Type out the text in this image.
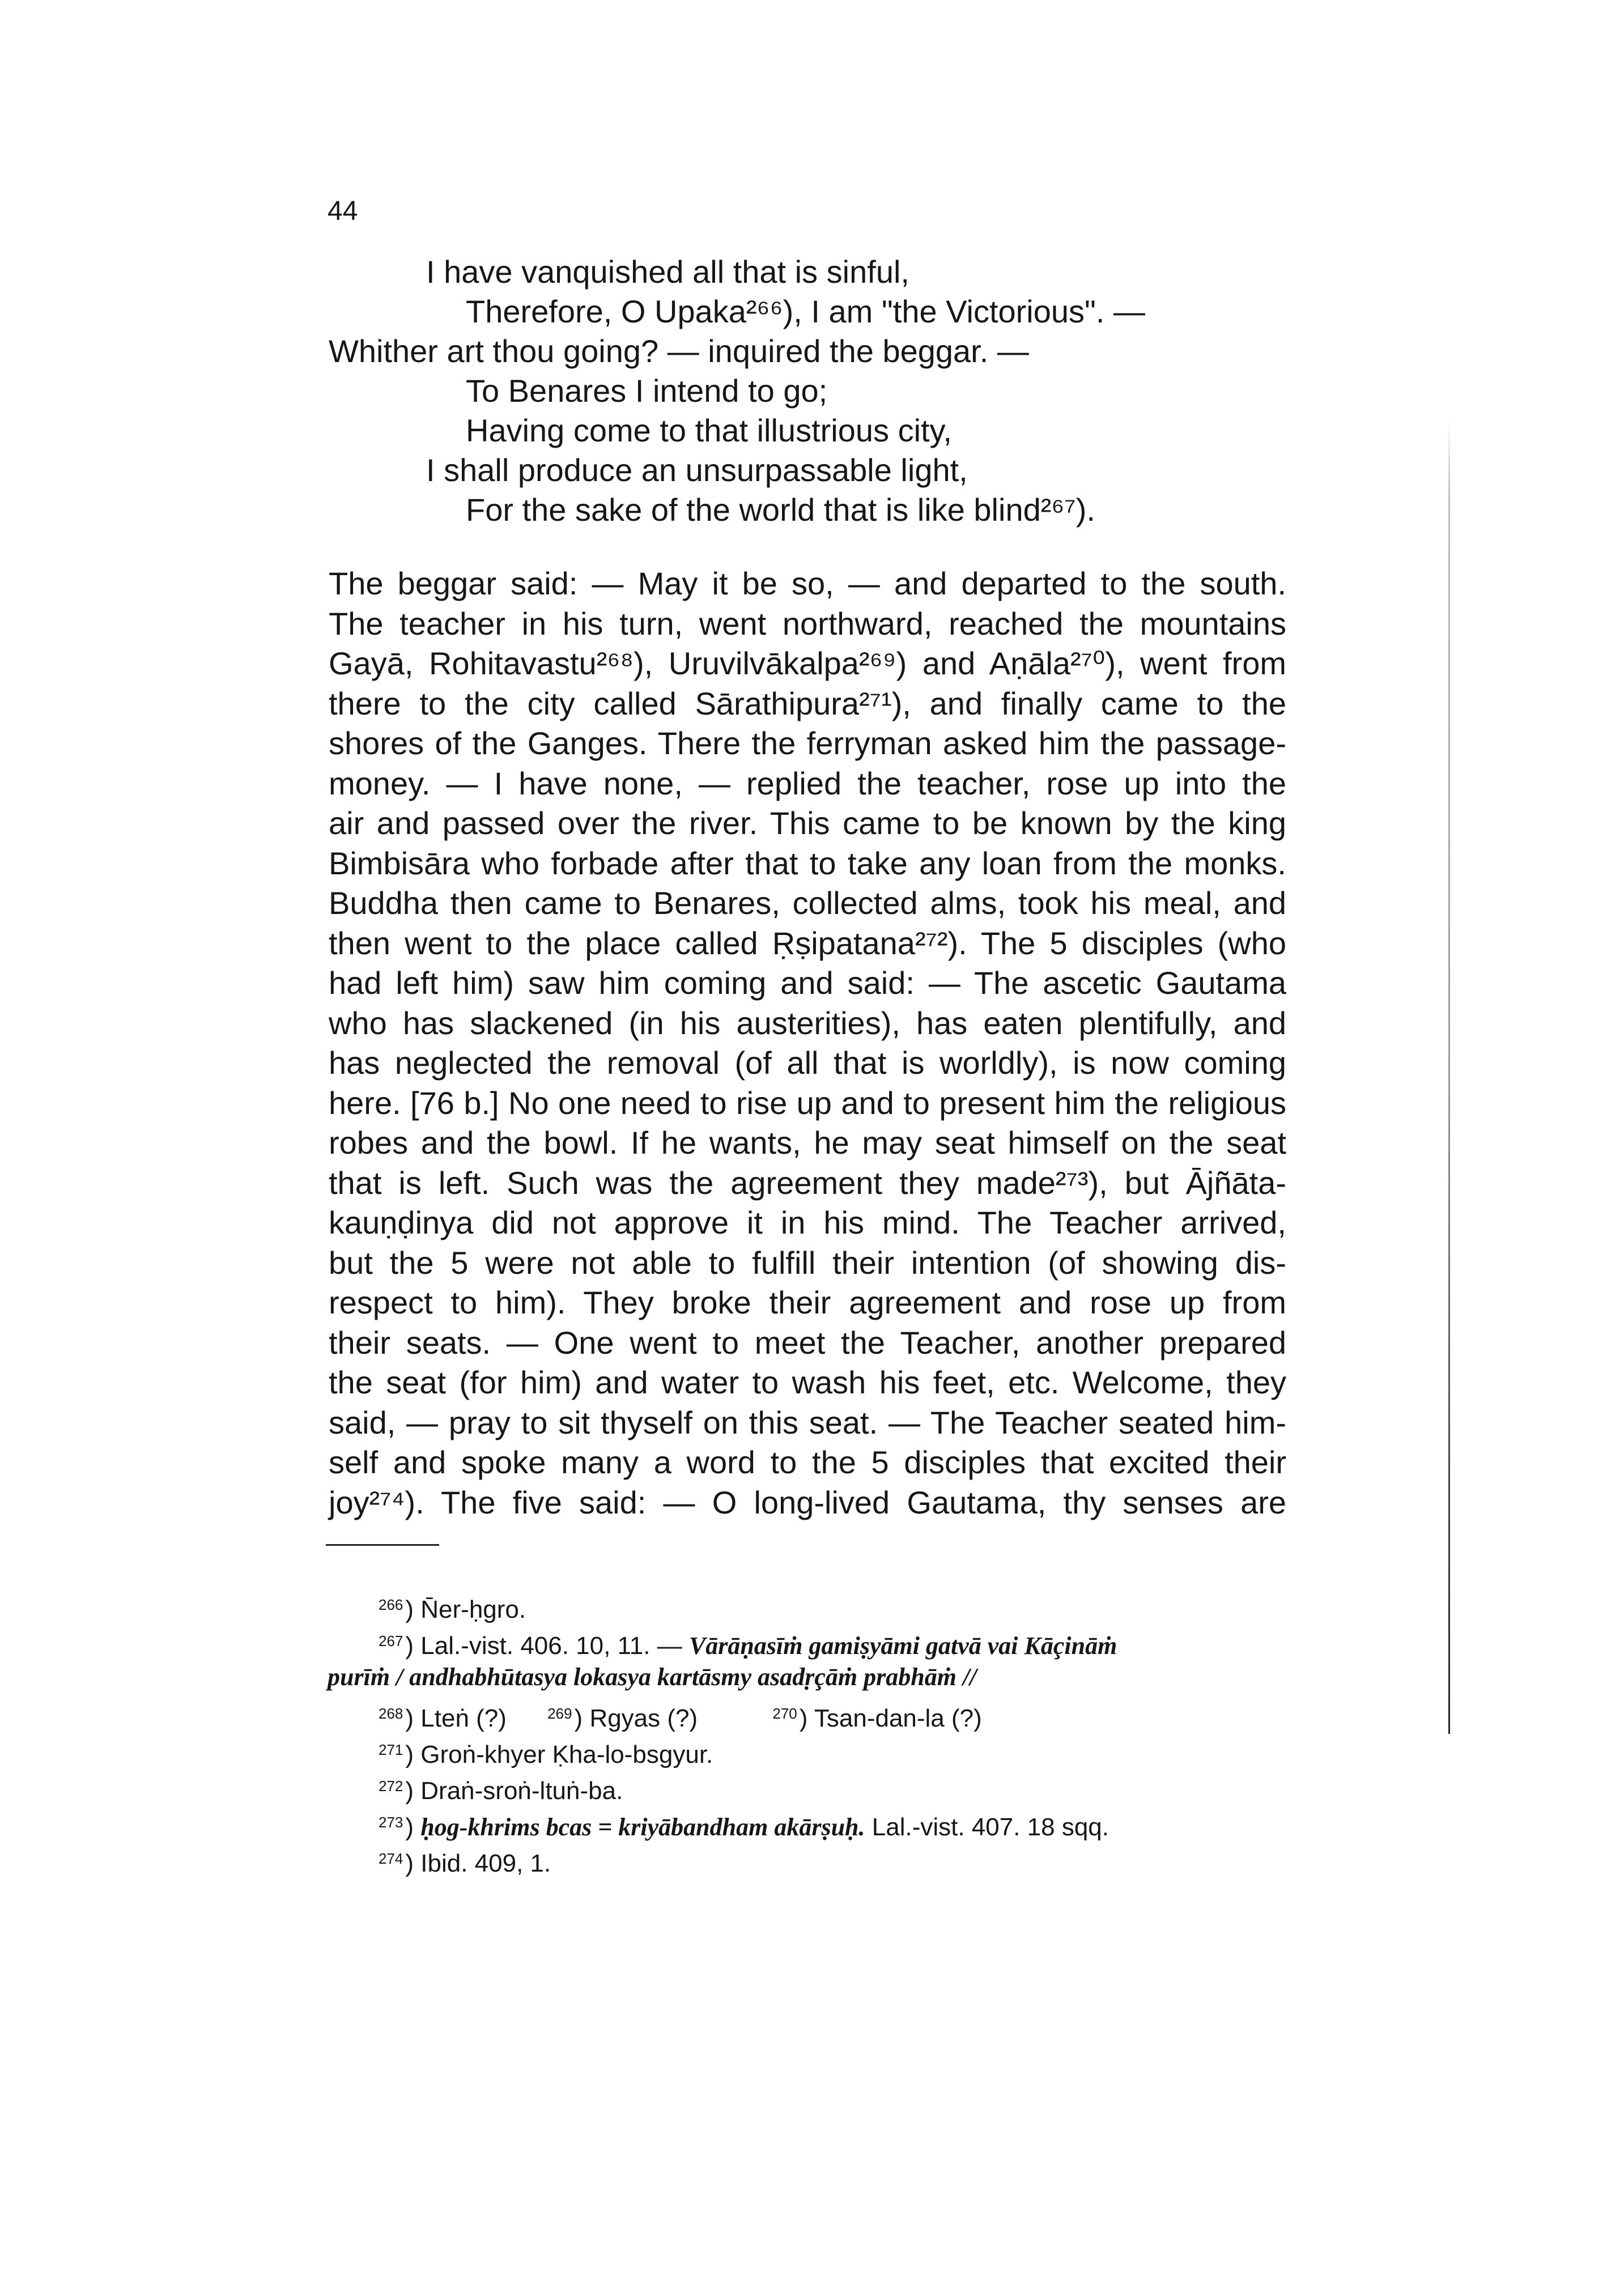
44
I have vanquished all that is sinful,
Therefore, O Upaka²⁶⁶), I am "the Victorious". —
Whither art thou going? — inquired the beggar. —
To Benares I intend to go;
Having come to that illustrious city,
I shall produce an unsurpassable light,
For the sake of the world that is like blind²⁶⁷).
The beggar said: — May it be so, — and departed to the south.
The teacher in his turn, went northward, reached the mountains
Gayā, Rohitavastu²⁶⁸), Uruvilvākalpa²⁶⁹) and Aṇāla²⁷⁰), went from
there to the city called Sārathipura²⁷¹), and finally came to the
shores of the Ganges. There the ferryman asked him the passage-
money. — I have none, — replied the teacher, rose up into the
air and passed over the river. This came to be known by the king
Bimbisāra who forbade after that to take any loan from the monks.
Buddha then came to Benares, collected alms, took his meal, and
then went to the place called Ṛṣipatana²⁷²). The 5 disciples (who
had left him) saw him coming and said: — The ascetic Gautama
who has slackened (in his austerities), has eaten plentifully, and
has neglected the removal (of all that is worldly), is now coming
here. [76 b.] No one need to rise up and to present him the religious
robes and the bowl. If he wants, he may seat himself on the seat
that is left. Such was the agreement they made²⁷³), but Ājñāta-
kauṇḍinya did not approve it in his mind. The Teacher arrived,
but the 5 were not able to fulfill their intention (of showing dis-
respect to him). They broke their agreement and rose up from
their seats. — One went to meet the Teacher, another prepared
the seat (for him) and water to wash his feet, etc. Welcome, they
said, — pray to sit thyself on this seat. — The Teacher seated him-
self and spoke many a word to the 5 disciples that excited their
joy²⁷⁴). The five said: — O long-lived Gautama, thy senses are
$^{266}$) N̄er-ḥgro.
$^{267}$) Lal.-vist. 406. 10, 11. — Vārāṇasīṁ gamiṣyāmi gatvā vai Kāçināṁ
purīṁ / andhabhūtasya lokasya kartāsmy asadṛçāṁ prabhāṁ //
$^{268}$) Lteṅ (?)	$^{269}$) Rgyas (?)	$^{270}$) Tsan-dan-la (?)
$^{271}$) Groṅ-khyer Ḳha-lo-bsgyur.
$^{272}$) Draṅ-sroṅ-ltuṅ-ba.
$^{273}$) ḥog-khrims bcas = kriyābandham akārṣuḥ. Lal.-vist. 407. 18 sqq.
$^{274}$) Ibid. 409, 1.
